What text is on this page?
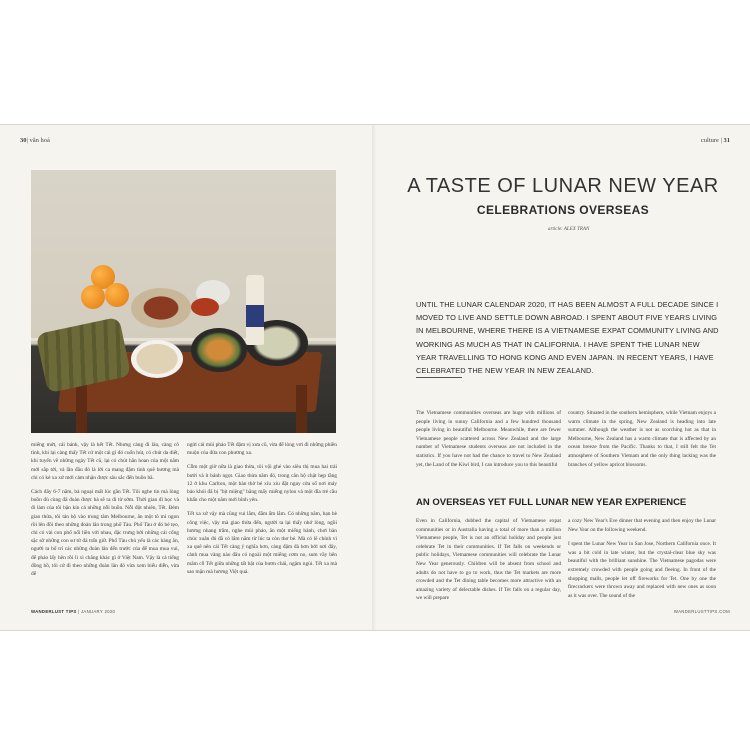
30| văn hoá

miếng mứt, cái bánh, vậy là hết Tết. Nhưng càng đi lâu, càng cô tình, khi lại càng thấy Tết cứ một cái gì đó cuốn hút, có chút da diết, khi tuyến về những ngày Tết cũ, lại có chút hân hoan của một năm mới sắp tới, và lần đầu đó là lời ca mang đậm tình quê hương mà chỉ có kẻ xa xứ mới cảm nhận được sâu sắc đến buồn bã.

Cách đây 6-7 năm, bà ngoại mất lúc gần Tết. Tôi nghe tin mà lòng buồn đủ cùng đã đoàn được bà sẽ ra đi từ sớm. Thời gian đi học và đi làm của tôi bận kín cả những nỗi buồn. Nỗi đột nhiên, Tết. Đêm giao thừa, tôi tản bộ vào trung tâm Melbourne, ăn một tô mì ngon rồi lên đồi theo những đoàn lân trong phố Tàu. Phố Tàu ở đó bé tẹo, chỉ có vài con phố nối liền với nhau, đặc trưng bởi những cái cổng sặc sỡ những con sư tử đá trấn giữ. Phố Tàu chủ yếu là các hàng ăn, người ta bố trí các những đoàn lân đến trước của để mua mua vui, để pháo lấy hên rồi lì xì chẳng khác gì ở Việt Nam. Vậy là cả tiếng đồng hồ, tôi cứ đi theo những đoàn lân đó vừa xem biểu diễn, vừa để

ngửi cái mùi pháo Tết đậm vị xưa cũ, vừa để lòng vơi đi những phiền muộn của đứa con phương xa.

Cỗm một giờ nữa là giao thừa, tôi vội ghé vào siêu thị mua hai trái bưởi và ít bánh ngọt. Giao thừa năm đó, trong căn hộ chật hẹp tầng 12 ở khu Carlton, một bàn thờ bé xíu xiu đặt ngay cửa sổ nơi máy bảo khói đã bị "bịt miệng" bằng mấy miếng nylon và một đĩa trẻ cầu khấn cho một năm mới bình yên.

Tết xa xứ vậy mà cũng vui lắm, đắm ấm lắm. Có những năm, bạn bè công việc, vậy mà giao thừa đến, người ta lại thấy nhớ lòng, ngồi hương nhang trầm, nghe mùi pháo, ăn một miếng bánh, chơi bàn chúc xuân đủ đã có lắm năm từ lúc ta còn thơ bé. Mà có lẽ chính vì xa quê nên cái Tết càng ý nghĩa hơn, càng đậm đà hơn bởi nơi đây, cảnh mua vàng nào đâu có ngoài một miếng cơm no, sum vầy bên mâm cỗ Tết giữa những tất bật của bươn chải, ngậm ngùi. Tết xa mà sao mặn mà hương Việt quá.

WANDERLUST TIPS | JANUARY 2020
culture | 31
A TASTE OF LUNAR NEW YEAR
CELEBRATIONS OVERSEAS
article: ALEX TRAN
UNTIL THE LUNAR CALENDAR 2020, IT HAS BEEN ALMOST A FULL DECADE SINCE I MOVED TO LIVE AND SETTLE DOWN ABROAD. I SPENT ABOUT FIVE YEARS LIVING IN MELBOURNE, WHERE THERE IS A VIETNAMESE EXPAT COMMUNITY LIVING AND WORKING AS MUCH AS THAT IN CALIFORNIA. I HAVE SPENT THE LUNAR NEW YEAR TRAVELLING TO HONG KONG AND EVEN JAPAN. IN RECENT YEARS, I HAVE CELEBRATED THE NEW YEAR IN NEW ZEALAND.

The Vietnamese communities overseas are huge with millions of people living in sunny California and a few hundred thousand people living in beautiful Melbourne. Meanwhile, there are fewer Vietnamese people scattered across New Zealand and the large number of Vietnamese students overseas are not included in the statistics. If you have not had the chance to travel to New Zealand yet, the Land of the Kiwi bird, I can introduce you to this beautiful

country. Situated in the southern hemisphere, while Vietnam enjoys a warm climate in the spring, New Zealand is heading into late summer. Although the weather is not as scorching hot as that in Melbourne, New Zealand has a warm climate that is affected by an ocean breeze from the Pacific. Thanks to that, I still felt the Tet atmosphere of Southern Vietnam and the only thing lacking was the branches of yellow apricot blossoms.

AN OVERSEAS YET FULL LUNAR NEW YEAR EXPERIENCE

Even in California, dubbed the capital of Vietnamese expat communities or in Australia having a total of more than a million Vietnamese people, Tet is not an official holiday and people just celebrate Tet in their communities. If Tet falls on weekends or public holidays, Vietnamese communities will celebrate the Lunar New Year generously. Children will be absent from school and adults do not have to go to work, thus the Tet markets are more crowded and the Tet dining table becomes more attractive with an amazing variety of delectable dishes. If Tet falls on a regular day, we will prepare

a cozy New Year's Eve dinner that evening and then enjoy the Lunar New Year on the following weekend.

I spent the Lunar New Year in San Jose, Northern California once. It was a bit cold in late winter, but the crystal-clear blue sky was beautiful with the brilliant sunshine. The Vietnamese pagodas were extremely crowded with people going and fleeing. In front of the shopping malls, people let off fireworks for Tet. One by one the firecrackers were thrown away and replaced with new ones as soon as it was over. The sound of the

WANDERLUSTTIPS.COM
